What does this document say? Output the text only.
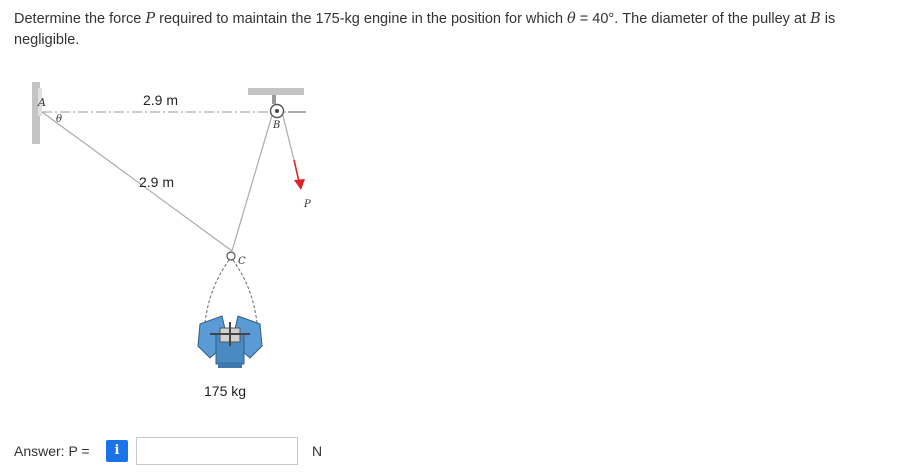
Determine the force P required to maintain the 175-kg engine in the position for which θ = 40°. The diameter of the pulley at B is negligible.
A
θ
B
C
P
2.9 m
2.9 m
175 kg
Answer: P =	i	N
